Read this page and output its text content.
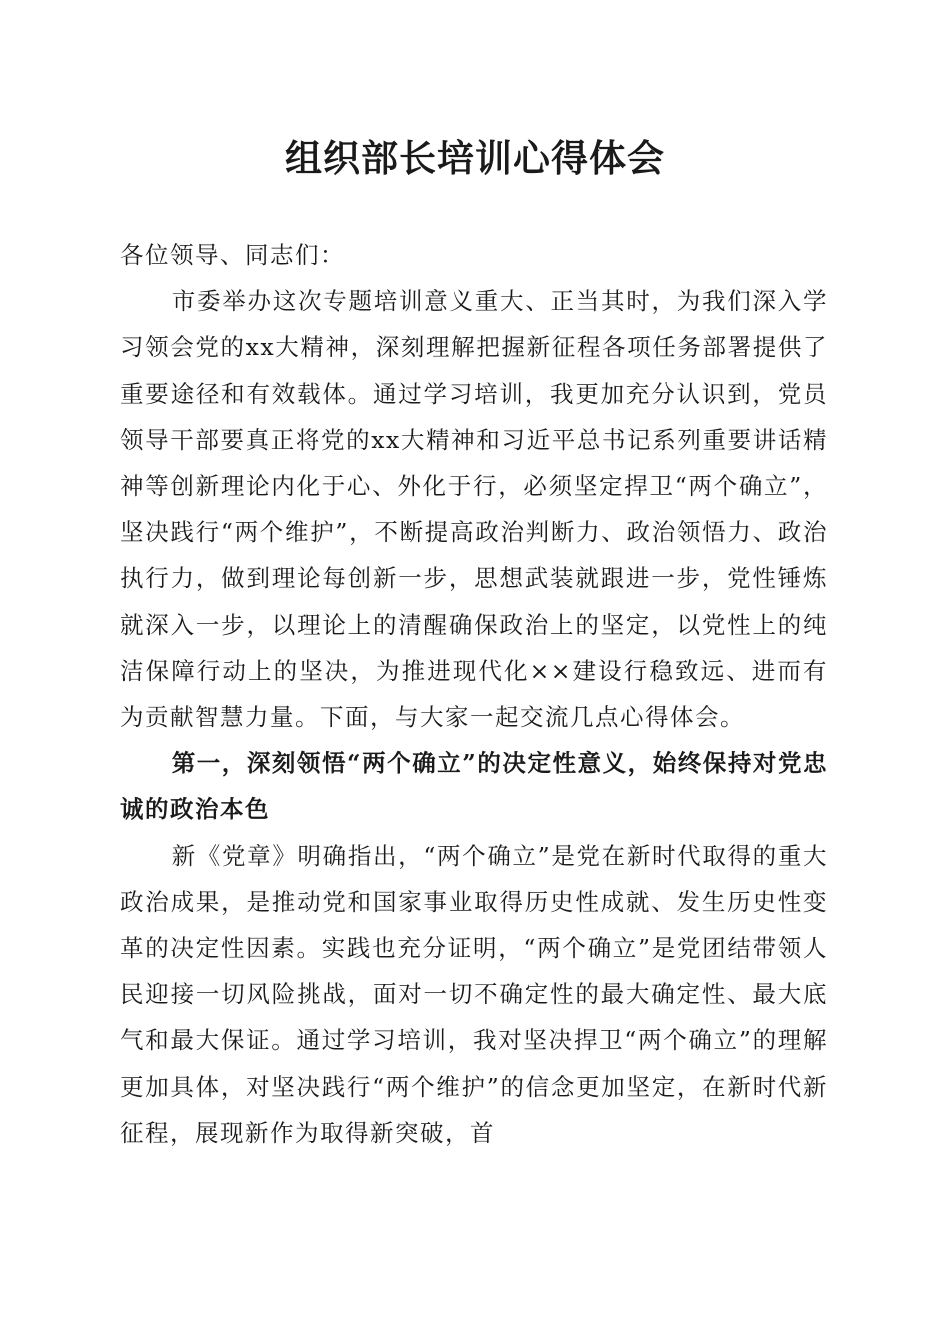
组织部长培训心得体会

各位领导、同志们：

市委举办这次专题培训意义重大、正当其时，为我们深入学习领会党的xx大精神，深刻理解把握新征程各项任务部署提供了重要途径和有效载体。通过学习培训，我更加充分认识到，党员领导干部要真正将党的xx大精神和习近平总书记系列重要讲话精神等创新理论内化于心、外化于行，必须坚定捍卫“两个确立”，坚决践行“两个维护”，不断提高政治判断力、政治领悟力、政治执行力，做到理论每创新一步，思想武装就跟进一步，党性锤炼就深入一步，以理论上的清醒确保政治上的坚定，以党性上的纯洁保障行动上的坚决，为推进现代化××建设行稳致远、进而有为贡献智慧力量。下面，与大家一起交流几点心得体会。

第一，深刻领悟“两个确立”的决定性意义，始终保持对党忠诚的政治本色

新《党章》明确指出，“两个确立”是党在新时代取得的重大政治成果，是推动党和国家事业取得历史性成就、发生历史性变革的决定性因素。实践也充分证明，“两个确立”是党团结带领人民迎接一切风险挑战，面对一切不确定性的最大确定性、最大底气和最大保证。通过学习培训，我对坚决捍卫“两个确立”的理解更加具体，对坚决践行“两个维护”的信念更加坚定，在新时代新征程，展现新作为取得新突破，首
